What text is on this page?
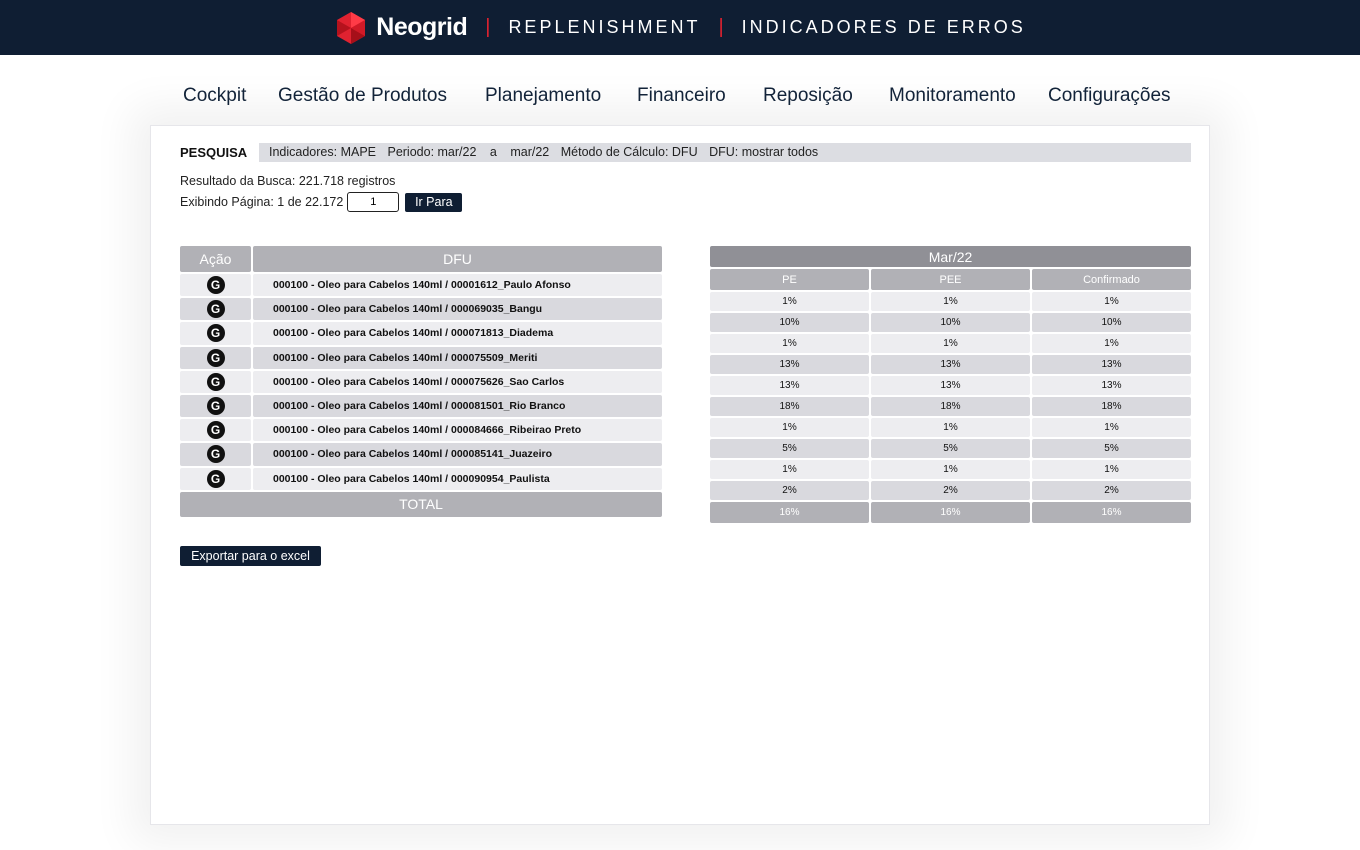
Neogrid | REPLENISHMENT | INDICADORES DE ERROS
Cockpit Gestão de Produtos Planejamento Financeiro Reposição Monitoramento Configurações
PESQUISA	Indicadores: MAPE Periodo: mar/22 a mar/22 Método de Cálculo: DFU DFU: mostrar todos
Resultado da Busca: 221.718 registros
Exibindo Página: 1 de 22.172
1	Ir Para
Ação	DFU
G	000100 - Oleo para Cabelos 140ml / 00001612_Paulo Afonso
G	000100 - Oleo para Cabelos 140ml / 000069035_Bangu
G	000100 - Oleo para Cabelos 140ml / 000071813_Diadema
G	000100 - Oleo para Cabelos 140ml / 000075509_Meriti
G	000100 - Oleo para Cabelos 140ml / 000075626_Sao Carlos
G	000100 - Oleo para Cabelos 140ml / 000081501_Rio Branco
G	000100 - Oleo para Cabelos 140ml / 000084666_Ribeirao Preto
G	000100 - Oleo para Cabelos 140ml / 000085141_Juazeiro
G	000100 - Oleo para Cabelos 140ml / 000090954_Paulista
TOTAL
Mar/22
PE	PEE	Confirmado
1%	1%	1%
10%	10%	10%
1%	1%	1%
13%	13%	13%
13%	13%	13%
18%	18%	18%
1%	1%	1%
5%	5%	5%
1%	1%	1%
2%	2%	2%
16%	16%	16%
Exportar para o excel
